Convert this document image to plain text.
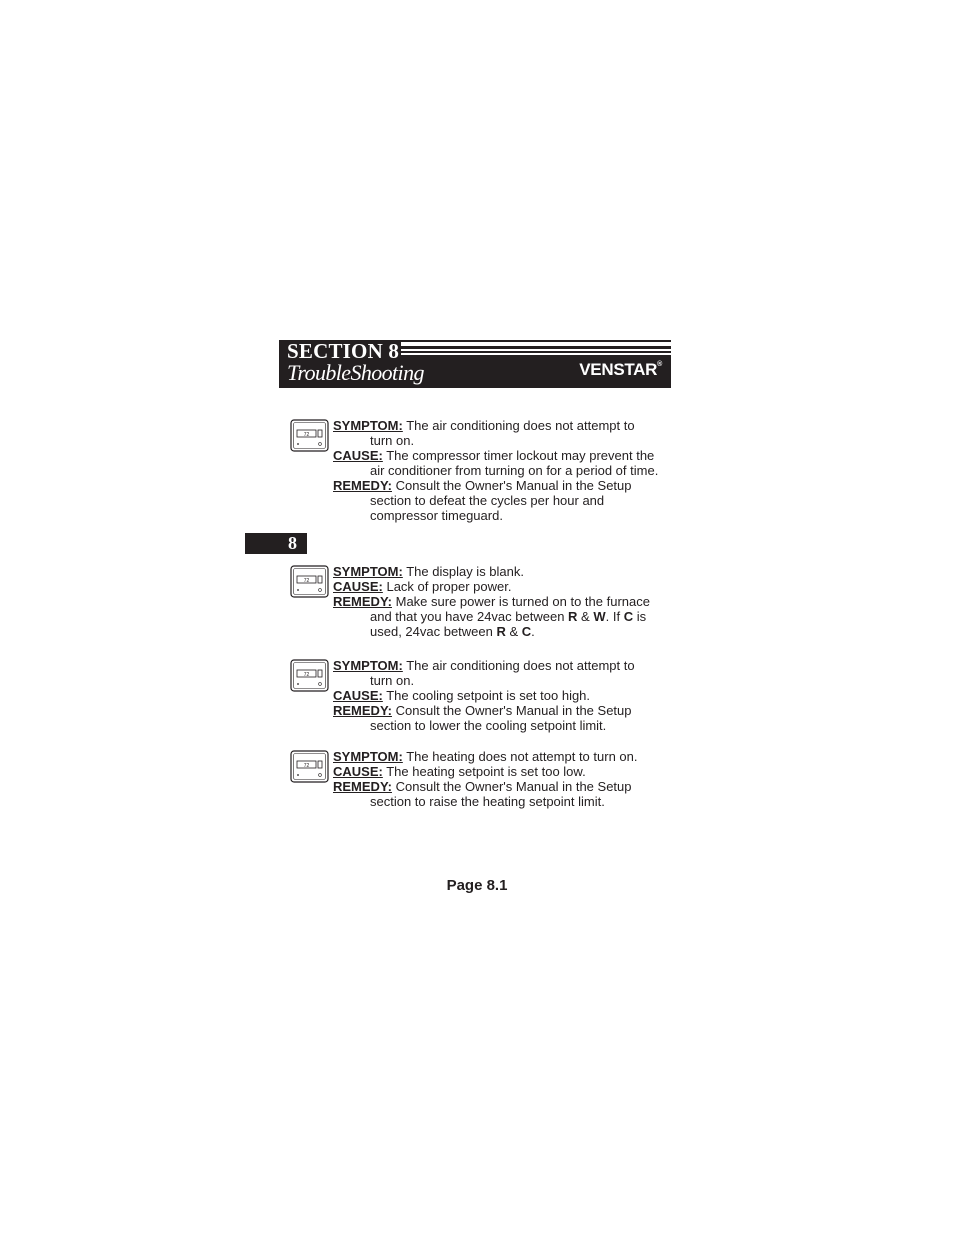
SECTION 8
TroubleShooting	VENSTAR®
8
72
SYMPTOM: The air conditioning does not attempt to
turn on.
CAUSE: The compressor timer lockout may prevent the
air conditioner from turning on for a period of time.
REMEDY: Consult the Owner's Manual in the Setup
section to defeat the cycles per hour and
compressor timeguard.
72
SYMPTOM: The display is blank.
CAUSE: Lack of proper power.
REMEDY: Make sure power is turned on to the furnace
and that you have 24vac between R & W. If C is
used, 24vac between R & C.
72
SYMPTOM: The air conditioning does not attempt to
turn on.
CAUSE: The cooling setpoint is set too high.
REMEDY: Consult the Owner's Manual in the Setup
section to lower the cooling setpoint limit.
72
SYMPTOM: The heating does not attempt to turn on.
CAUSE: The heating setpoint is set too low.
REMEDY: Consult the Owner's Manual in the Setup
section to raise the heating setpoint limit.
Page 8.1
